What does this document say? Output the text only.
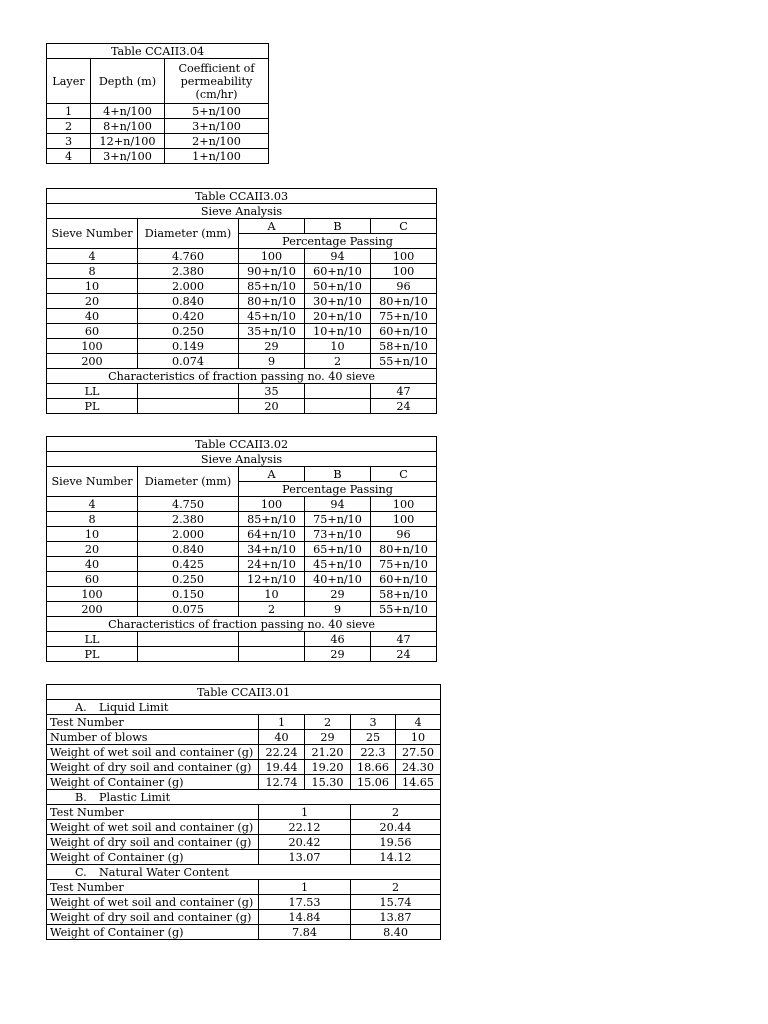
Table CCAII3.04		
Layer	Depth (m)	Coefficient of
permeability
(cm/hr)
1	4+n/100	5+n/100
2	8+n/100	3+n/100
3	12+n/100	2+n/100
4	3+n/100	1+n/100
Table CCAII3.03				
Sieve Analysis				
Sieve Number	Diameter (mm)	A	B	C
		Percentage Passing		
4	4.760	100	94	100
8	2.380	90+n/10	60+n/10	100
10	2.000	85+n/10	50+n/10	96
20	0.840	80+n/10	30+n/10	80+n/10
40	0.420	45+n/10	20+n/10	75+n/10
60	0.250	35+n/10	10+n/10	60+n/10
100	0.149	29	10	58+n/10
200	0.074	9	2	55+n/10
Characteristics of fraction passing no. 40 sieve				
LL		35		47
PL		20		24
Table CCAII3.02				
Sieve Analysis				
Sieve Number	Diameter (mm)	A	B	C
		Percentage Passing		
4	4.750	100	94	100
8	2.380	85+n/10	75+n/10	100
10	2.000	64+n/10	73+n/10	96
20	0.840	34+n/10	65+n/10	80+n/10
40	0.425	24+n/10	45+n/10	75+n/10
60	0.250	12+n/10	40+n/10	60+n/10
100	0.150	10	29	58+n/10
200	0.075	2	9	55+n/10
Characteristics of fraction passing no. 40 sieve				
LL			46	47
PL			29	24
Table CCAII3.01				
A. Liquid Limit				
Test Number	1	2	3	4
Number of blows	40	29	25	10
Weight of wet soil and container (g)	22.24	21.20	22.3	27.50
Weight of dry soil and container (g)	19.44	19.20	18.66	24.30
Weight of Container (g)	12.74	15.30	15.06	14.65
B. Plastic Limit				
Test Number	1		2	
Weight of wet soil and container (g)	22.12		20.44	
Weight of dry soil and container (g)	20.42		19.56	
Weight of Container (g)	13.07		14.12	
C. Natural Water Content				
Test Number	1		2	
Weight of wet soil and container (g)	17.53		15.74	
Weight of dry soil and container (g)	14.84		13.87	
Weight of Container (g)	7.84		8.40	
